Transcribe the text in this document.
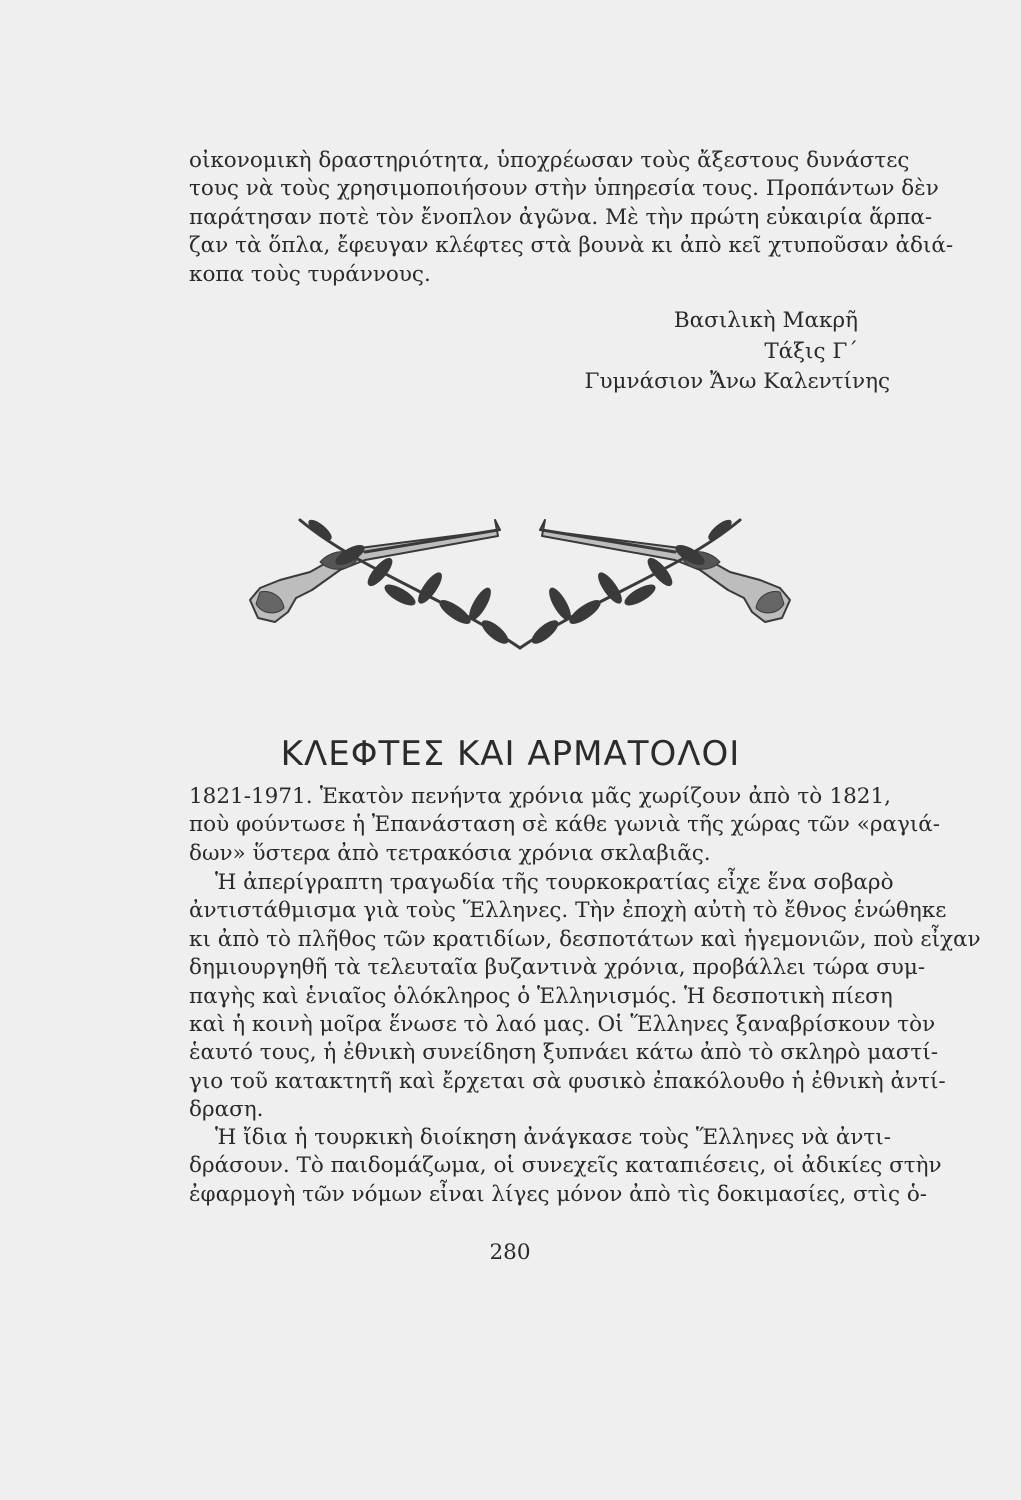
οἰκονομικὴ δραστηριότητα, ὑποχρέωσαν τοὺς ἄξεστους δυνάστες
τους νὰ τοὺς χρησιμοποιήσουν στὴν ὑπηρεσία τους. Προπάντων δὲν
παράτησαν ποτὲ τὸν ἔνοπλον ἀγῶνα. Μὲ τὴν πρώτη εὐκαιρία ἅρπα-
ζαν τὰ ὅπλα, ἔφευγαν κλέφτες στὰ βουνὰ κι ἀπὸ κεῖ χτυποῦσαν ἀδιά-
κοπα τοὺς τυράννους.
Βασιλικὴ Μακρῆ
Τάξις Γ΄
Γυμνάσιον Ἄνω Καλεντίνης
ΚΛΕΦΤΕΣ ΚΑΙ ΑΡΜΑΤΟΛΟΙ
1821-1971. Ἑκατὸν πενήντα χρόνια μᾶς χωρίζουν ἀπὸ τὸ 1821,
ποὺ φούντωσε ἡ Ἐπανάσταση σὲ κάθε γωνιὰ τῆς χώρας τῶν «ραγιά-
δων» ὕστερα ἀπὸ τετρακόσια χρόνια σκλαβιᾶς.
Ἡ ἀπερίγραπτη τραγωδία τῆς τουρκοκρατίας εἶχε ἕνα σοβαρὸ
ἀντιστάθμισμα γιὰ τοὺς Ἕλληνες. Τὴν ἐποχὴ αὐτὴ τὸ ἔθνος ἑνώθηκε
κι ἀπὸ τὸ πλῆθος τῶν κρατιδίων, δεσποτάτων καὶ ἡγεμονιῶν, ποὺ εἶχαν
δημιουργηθῆ τὰ τελευταῖα βυζαντινὰ χρόνια, προβάλλει τώρα συμ-
παγὴς καὶ ἑνιαῖος ὁλόκληρος ὁ Ἑλληνισμός. Ἡ δεσποτικὴ πίεση
καὶ ἡ κοινὴ μοῖρα ἕνωσε τὸ λαό μας. Οἱ Ἕλληνες ξαναβρίσκουν τὸν
ἑαυτό τους, ἡ ἐθνικὴ συνείδηση ξυπνάει κάτω ἀπὸ τὸ σκληρὸ μαστί-
γιο τοῦ κατακτητῆ καὶ ἔρχεται σὰ φυσικὸ ἐπακόλουθο ἡ ἐθνικὴ ἀντί-
δραση.
Ἡ ἴδια ἡ τουρκικὴ διοίκηση ἀνάγκασε τοὺς Ἕλληνες νὰ ἀντι-
δράσουν. Τὸ παιδομάζωμα, οἱ συνεχεῖς καταπιέσεις, οἱ ἀδικίες στὴν
ἐφαρμογὴ τῶν νόμων εἶναι λίγες μόνον ἀπὸ τὶς δοκιμασίες, στὶς ὁ-
280
